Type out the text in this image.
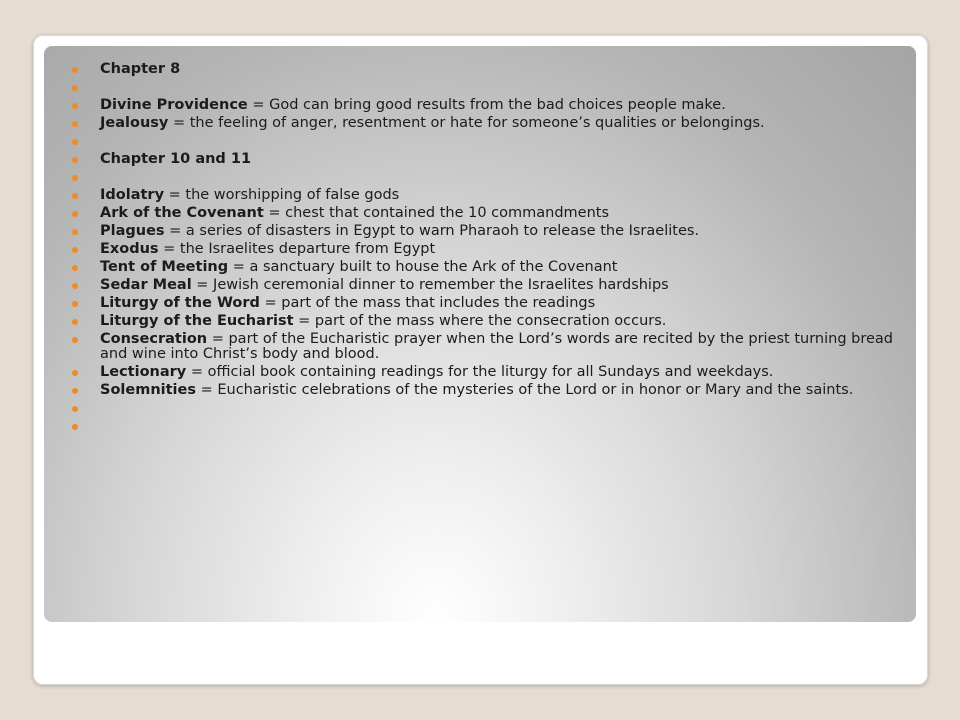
Chapter 8
Divine Providence = God can bring good results from the bad choices people make.
Jealousy = the feeling of anger, resentment or hate for someone’s qualities or belongings.
Chapter 10 and 11
Idolatry = the worshipping of false gods
Ark of the Covenant = chest that contained the 10 commandments
Plagues = a series of disasters in Egypt to warn Pharaoh to release the Israelites.
Exodus = the Israelites departure from Egypt
Tent of Meeting = a sanctuary built to house the Ark of the Covenant
Sedar Meal = Jewish ceremonial dinner to remember the Israelites hardships
Liturgy of the Word = part of the mass that includes the readings
Liturgy of the Eucharist = part of the mass where the consecration occurs.
Consecration = part of the Eucharistic prayer when the Lord’s words are recited by the priest turning bread and wine into Christ’s body and blood.
Lectionary = official book containing readings for the liturgy for all Sundays and weekdays.
Solemnities = Eucharistic celebrations of the mysteries of the Lord or in honor or Mary and the saints.
